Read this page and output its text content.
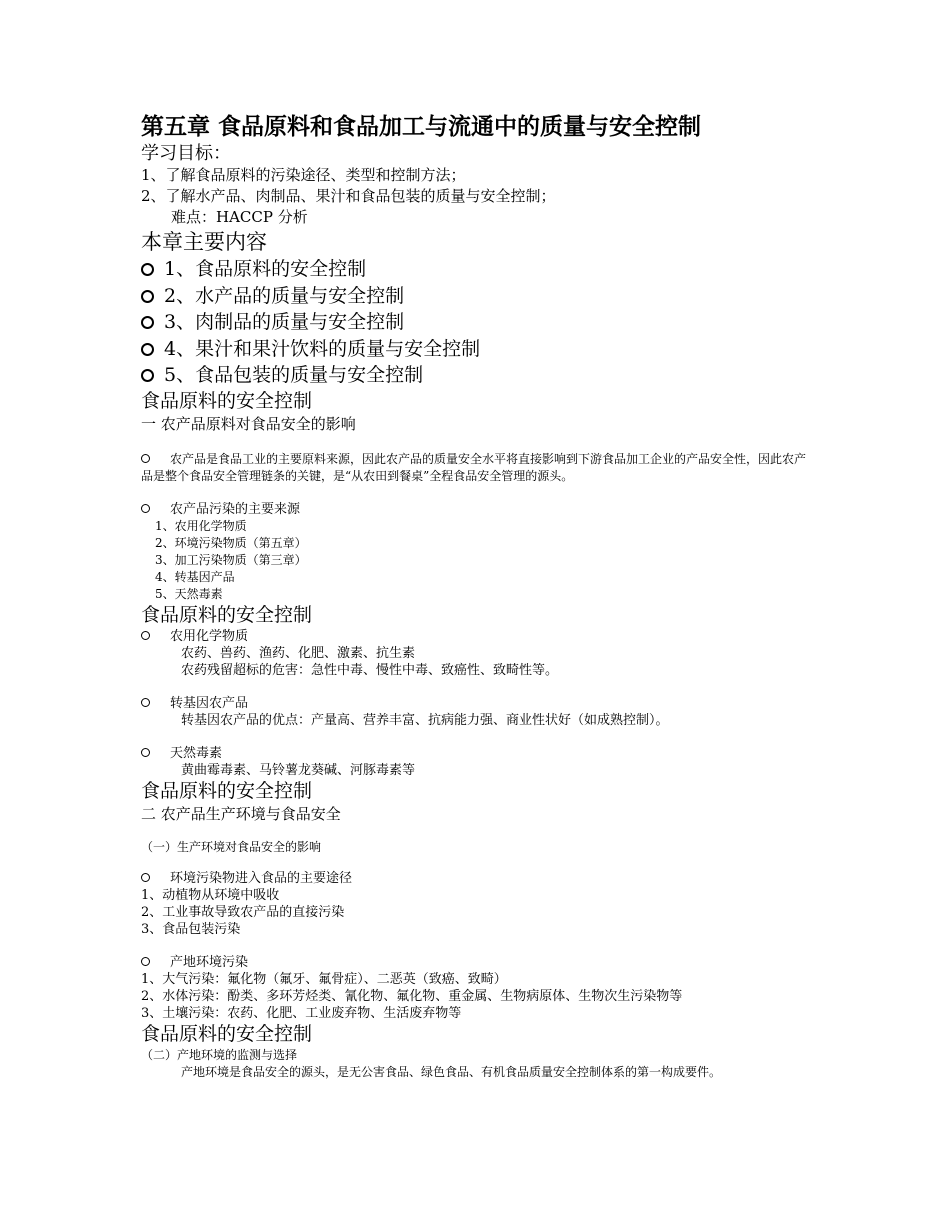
第五章 食品原料和食品加工与流通中的质量与安全控制
学习目标：
1、了解食品原料的污染途径、类型和控制方法；
2、了解水产品、肉制品、果汁和食品包装的质量与安全控制；
难点：HACCP 分析
本章主要内容
1、食品原料的安全控制
2、水产品的质量与安全控制
3、肉制品的质量与安全控制
4、果汁和果汁饮料的质量与安全控制
5、食品包装的质量与安全控制
食品原料的安全控制
一 农产品原料对食品安全的影响
农产品是食品工业的主要原料来源，因此农产品的质量安全水平将直接影响到下游食品加工企业的产品安全性，因此农产品是整个食品安全管理链条的关键，是“从农田到餐桌”全程食品安全管理的源头。
农产品污染的主要来源
1、农用化学物质
2、环境污染物质（第五章）
3、加工污染物质（第三章）
4、转基因产品
5、天然毒素
食品原料的安全控制
农用化学物质
农药、兽药、渔药、化肥、激素、抗生素
农药残留超标的危害：急性中毒、慢性中毒、致癌性、致畸性等。
转基因农产品
转基因农产品的优点：产量高、营养丰富、抗病能力强、商业性状好（如成熟控制）。
天然毒素
黄曲霉毒素、马铃薯龙葵碱、河豚毒素等
食品原料的安全控制
二 农产品生产环境与食品安全
（一）生产环境对食品安全的影响
环境污染物进入食品的主要途径
1、动植物从环境中吸收
2、工业事故导致农产品的直接污染
3、食品包装污染
产地环境污染
1、大气污染：氟化物（氟牙、氟骨症）、二恶英（致癌、致畸）
2、水体污染：酚类、多环芳烃类、氰化物、氟化物、重金属、生物病原体、生物次生污染物等
3、土壤污染：农药、化肥、工业废弃物、生活废弃物等
食品原料的安全控制
（二）产地环境的监测与选择
产地环境是食品安全的源头，是无公害食品、绿色食品、有机食品质量安全控制体系的第一构成要件。
